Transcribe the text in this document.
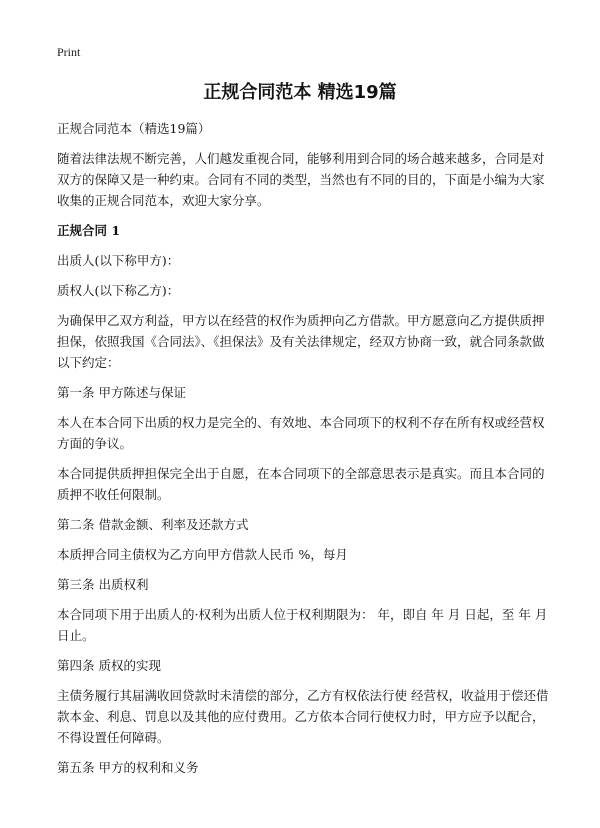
Print
正规合同范本 精选19篇

正规合同范本（精选19篇）

随着法律法规不断完善，人们越发重视合同，能够利用到合同的场合越来越多，合同是对双方的保障又是一种约束。合同有不同的类型，当然也有不同的目的，下面是小编为大家收集的正规合同范本，欢迎大家分享。

正规合同 1

出质人(以下称甲方)：

质权人(以下称乙方)：

为确保甲乙双方利益，甲方以在经营的权作为质押向乙方借款。甲方愿意向乙方提供质押担保，依照我国《合同法》、《担保法》及有关法律规定，经双方协商一致，就合同条款做以下约定：

第一条 甲方陈述与保证

本人在本合同下出质的权力是完全的、有效地、本合同项下的权利不存在所有权或经营权方面的争议。

本合同提供质押担保完全出于自愿，在本合同项下的全部意思表示是真实。而且本合同的质押不收任何限制。

第二条 借款金额、利率及还款方式

本质押合同主债权为乙方向甲方借款人民币 %，每月

第三条 出质权利

本合同项下用于出质人的·权利为出质人位于权利期限为： 年，即自 年 月 日起，至 年 月 日止。

第四条 质权的实现

主债务履行其届满收回贷款时未清偿的部分，乙方有权依法行使 经营权，收益用于偿还借款本金、利息、罚息以及其他的应付费用。乙方依本合同行使权力时，甲方应予以配合，不得设置任何障碍。

第五条 甲方的权利和义务
